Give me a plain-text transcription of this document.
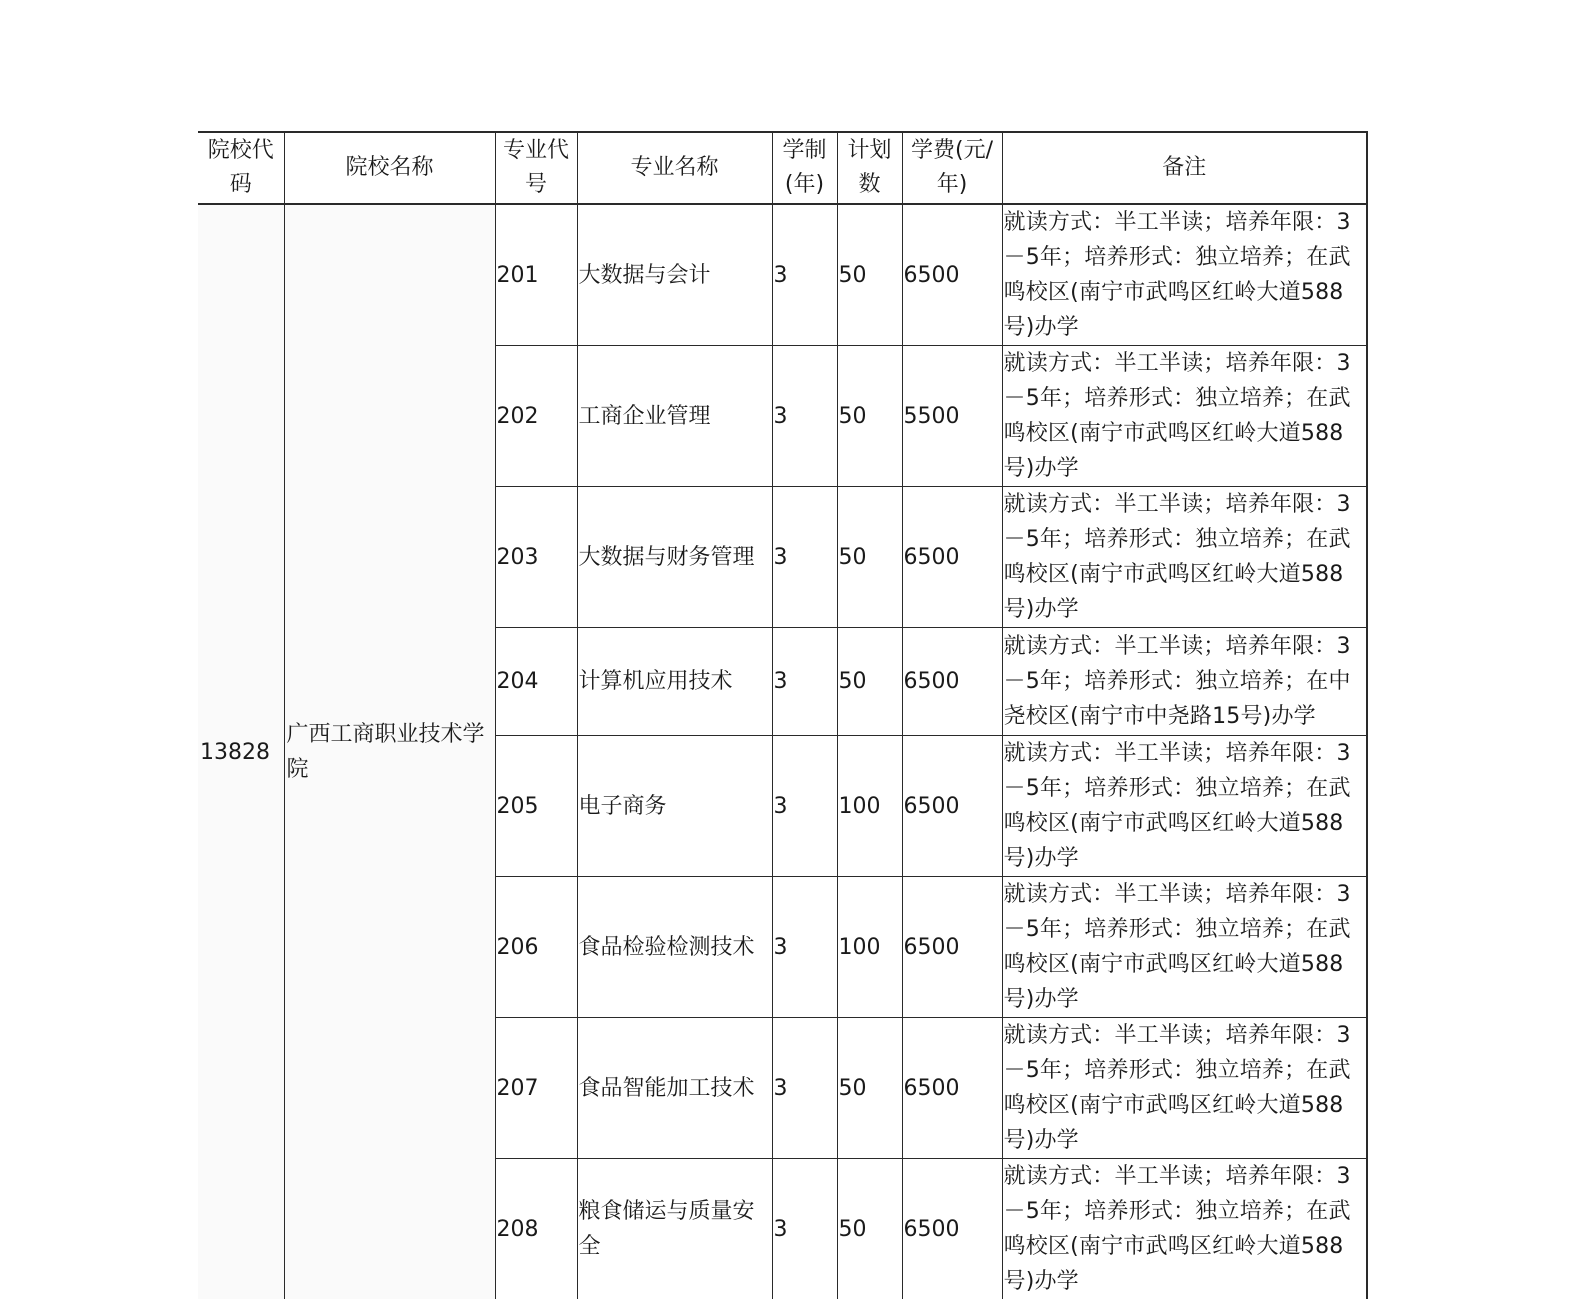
院校代码	院校名称	专业代号	专业名称	学制(年)	计划数	学费(元/年)	备注
13828	广西工商职业技术学院	201	大数据与会计	3	50	6500	就读方式：半工半读；培养年限：3－5年；培养形式：独立培养；在武鸣校区(南宁市武鸣区红岭大道588号)办学
		202	工商企业管理	3	50	5500	就读方式：半工半读；培养年限：3－5年；培养形式：独立培养；在武鸣校区(南宁市武鸣区红岭大道588号)办学
		203	大数据与财务管理	3	50	6500	就读方式：半工半读；培养年限：3－5年；培养形式：独立培养；在武鸣校区(南宁市武鸣区红岭大道588号)办学
		204	计算机应用技术	3	50	6500	就读方式：半工半读；培养年限：3－5年；培养形式：独立培养；在中尧校区(南宁市中尧路15号)办学
		205	电子商务	3	100	6500	就读方式：半工半读；培养年限：3－5年；培养形式：独立培养；在武鸣校区(南宁市武鸣区红岭大道588号)办学
		206	食品检验检测技术	3	100	6500	就读方式：半工半读；培养年限：3－5年；培养形式：独立培养；在武鸣校区(南宁市武鸣区红岭大道588号)办学
		207	食品智能加工技术	3	50	6500	就读方式：半工半读；培养年限：3－5年；培养形式：独立培养；在武鸣校区(南宁市武鸣区红岭大道588号)办学
		208	粮食储运与质量安全	3	50	6500	就读方式：半工半读；培养年限：3－5年；培养形式：独立培养；在武鸣校区(南宁市武鸣区红岭大道588号)办学
